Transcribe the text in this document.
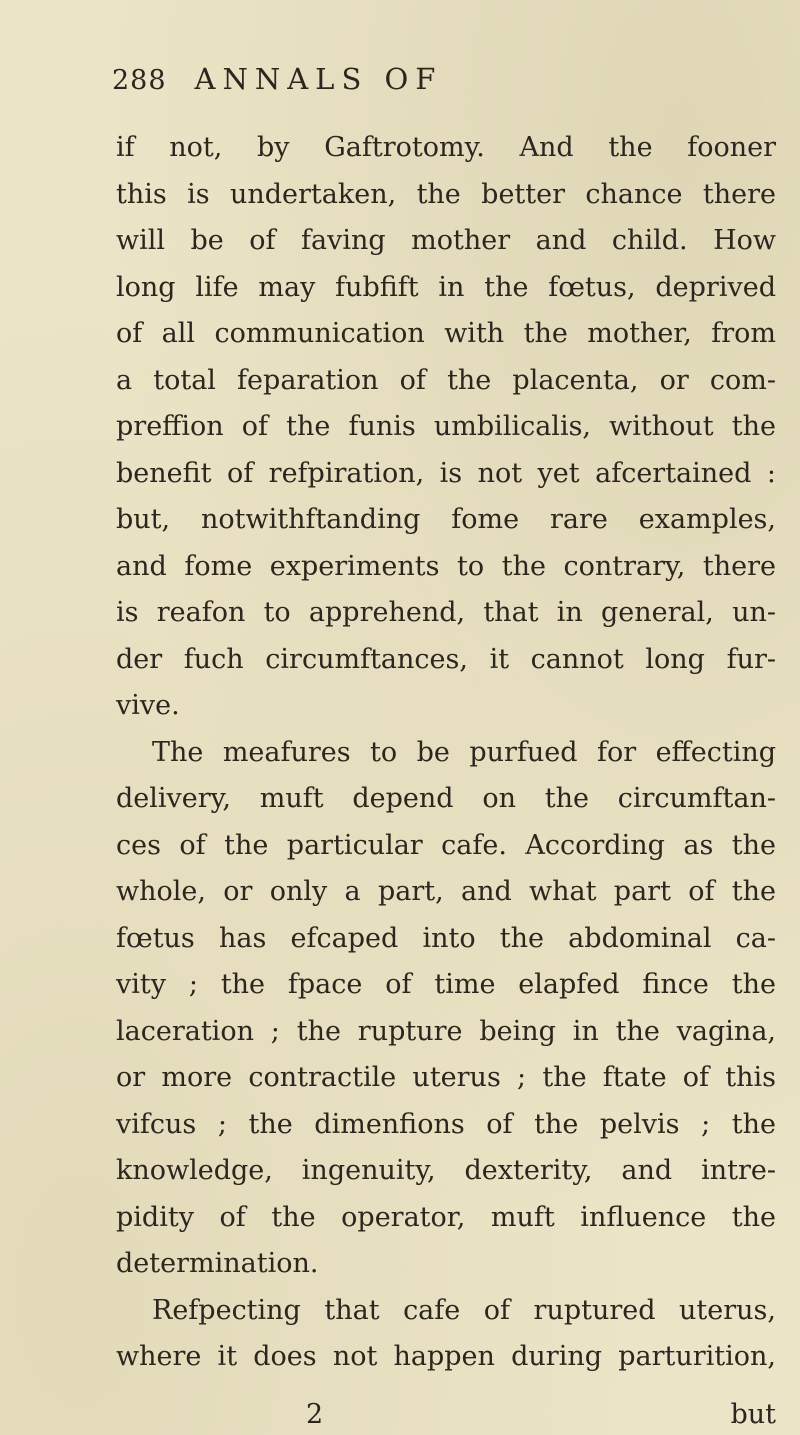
288 ANNALS OF
if not, by Gaftrotomy. And the fooner
this is undertaken, the better chance there
will be of faving mother and child. How
long life may fubfift in the fœtus, deprived
of all communication with the mother, from
a total feparation of the placenta, or com-
preffion of the funis umbilicalis, without the
benefit of refpiration, is not yet afcertained :
but, notwithftanding fome rare examples,
and fome experiments to the contrary, there
is reafon to apprehend, that in general, un-
der fuch circumftances, it cannot long fur-
vive.
The meafures to be purfued for effecting
delivery, muft depend on the circumftan-
ces of the particular cafe. According as the
whole, or only a part, and what part of the
fœtus has efcaped into the abdominal ca-
vity ; the fpace of time elapfed fince the
laceration ; the rupture being in the vagina,
or more contractile uterus ; the ftate of this
vifcus ; the dimenfions of the pelvis ; the
knowledge, ingenuity, dexterity, and intre-
pidity of the operator, muft influence the
determination.
Refpecting that cafe of ruptured uterus,
where it does not happen during parturition,
2	but
